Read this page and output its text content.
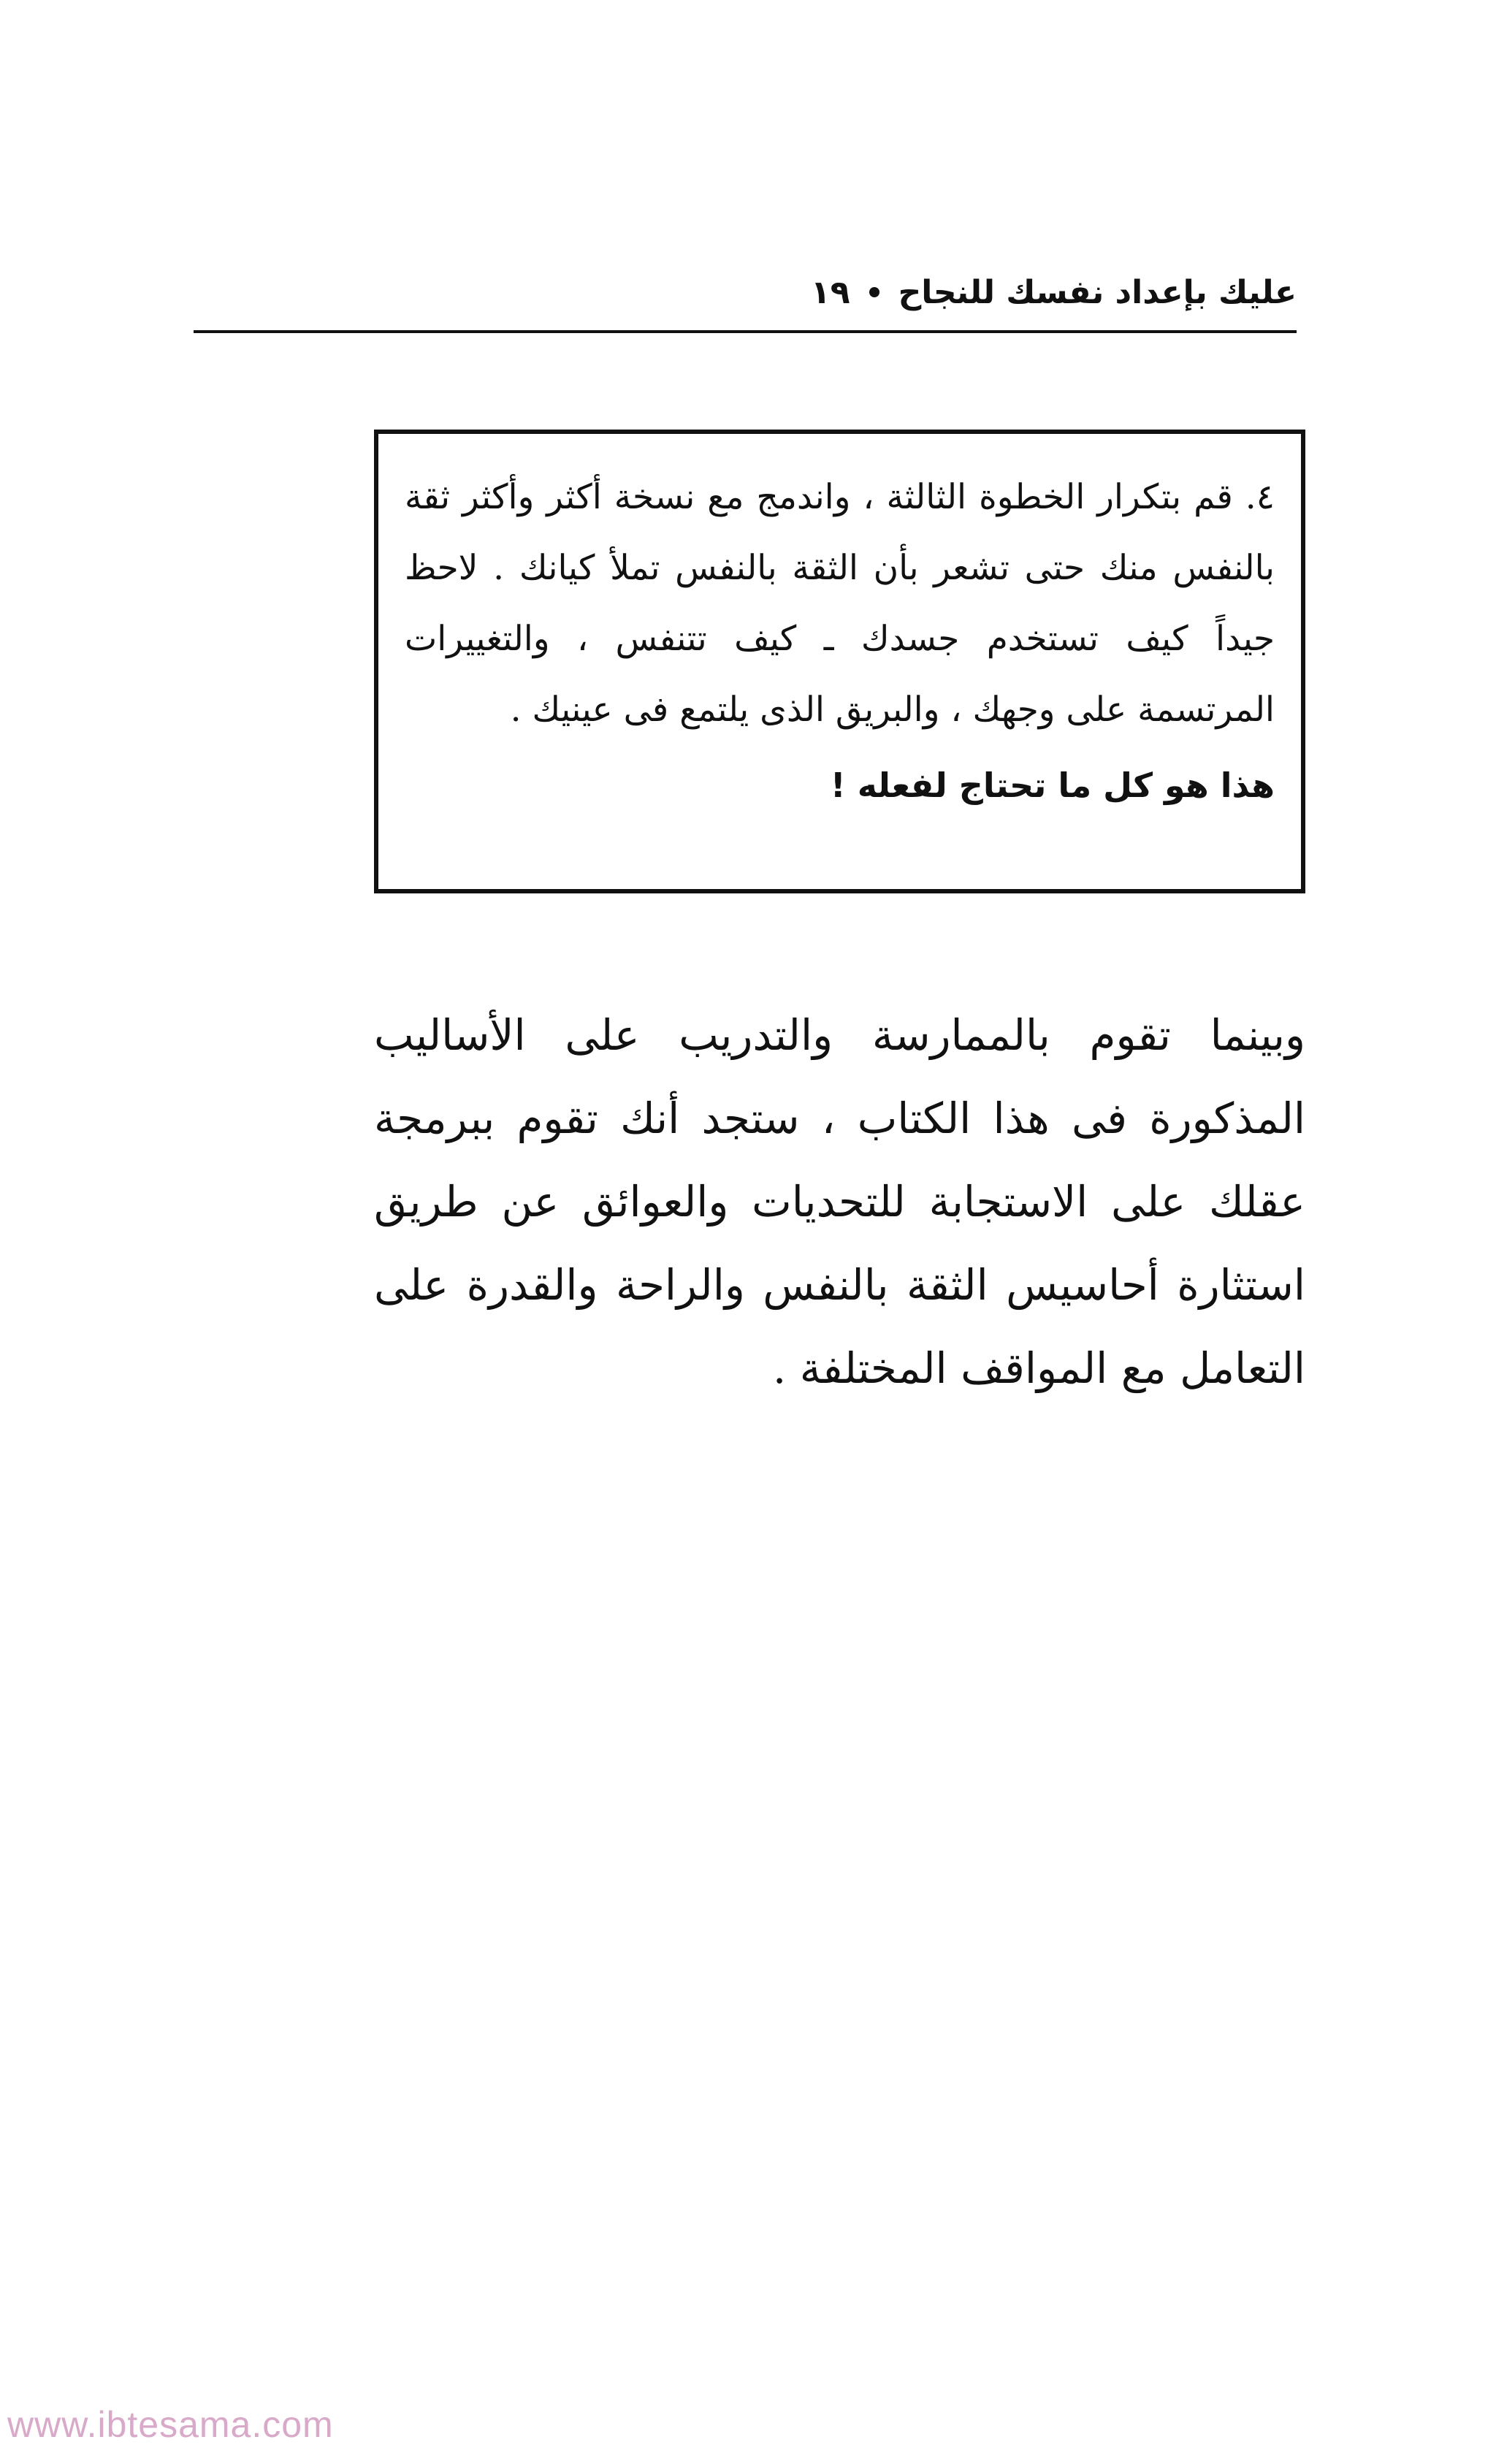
عليك بإعداد نفسك للنجاح
١٩

٤. قم بتكرار الخطوة الثالثة ، واندمج مع نسخة أكثر وأكثر ثقة بالنفس منك حتى تشعر بأن الثقة بالنفس تملأ كيانك . لاحظ جيداً كيف تستخدم جسدك ـ كيف تتنفس ، والتغييرات المرتسمة على وجهك ، والبريق الذى يلتمع فى عينيك .

هذا هو كل ما تحتاج لفعله !

وبينما تقوم بالممارسة والتدريب على الأساليب المذكورة فى هذا الكتاب ، ستجد أنك تقوم ببرمجة عقلك على الاستجابة للتحديات والعوائق عن طريق استثارة أحاسيس الثقة بالنفس والراحة والقدرة على التعامل مع المواقف المختلفة .

www.ibtesama.com
